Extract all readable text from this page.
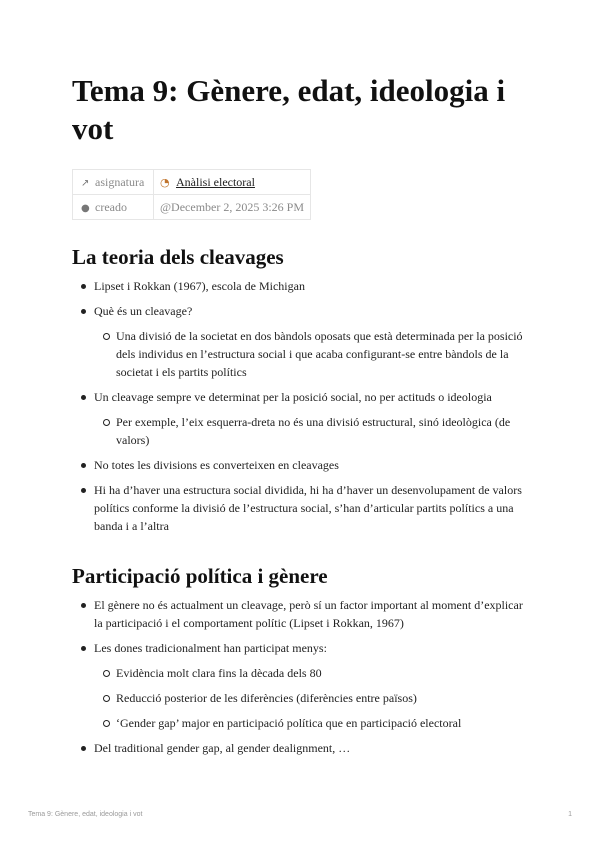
Tema 9: Gènere, edat, ideologia i vot
↗ asignatura	◔ Anàlisi electoral
● creado	@December 2, 2025 3:26 PM
La teoria dels cleavages
Lipset i Rokkan (1967), escola de Michigan
Què és un cleavage?
Una divisió de la societat en dos bàndols oposats que està determinada per la posició dels individus en l’estructura social i que acaba configurant-se entre bàndols de la societat i els partits polítics
Un cleavage sempre ve determinat per la posició social, no per actituds o ideologia
Per exemple, l’eix esquerra-dreta no és una divisió estructural, sinó ideològica (de valors)
No totes les divisions es converteixen en cleavages
Hi ha d’haver una estructura social dividida, hi ha d’haver un desenvolupament de valors polítics conforme la divisió de l’estructura social, s’han d’articular partits polítics a una banda i a l’altra
Participació política i gènere
El gènere no és actualment un cleavage, però sí un factor important al moment d’explicar la participació i el comportament polític (Lipset i Rokkan, 1967)
Les dones tradicionalment han participat menys:
Evidència molt clara fins la dècada dels 80
Reducció posterior de les diferències (diferències entre països)
‘Gender gap’ major en participació política que en participació electoral
Del traditional gender gap, al gender dealignment, …
Tema 9: Gènere, edat, ideologia i vot	1
